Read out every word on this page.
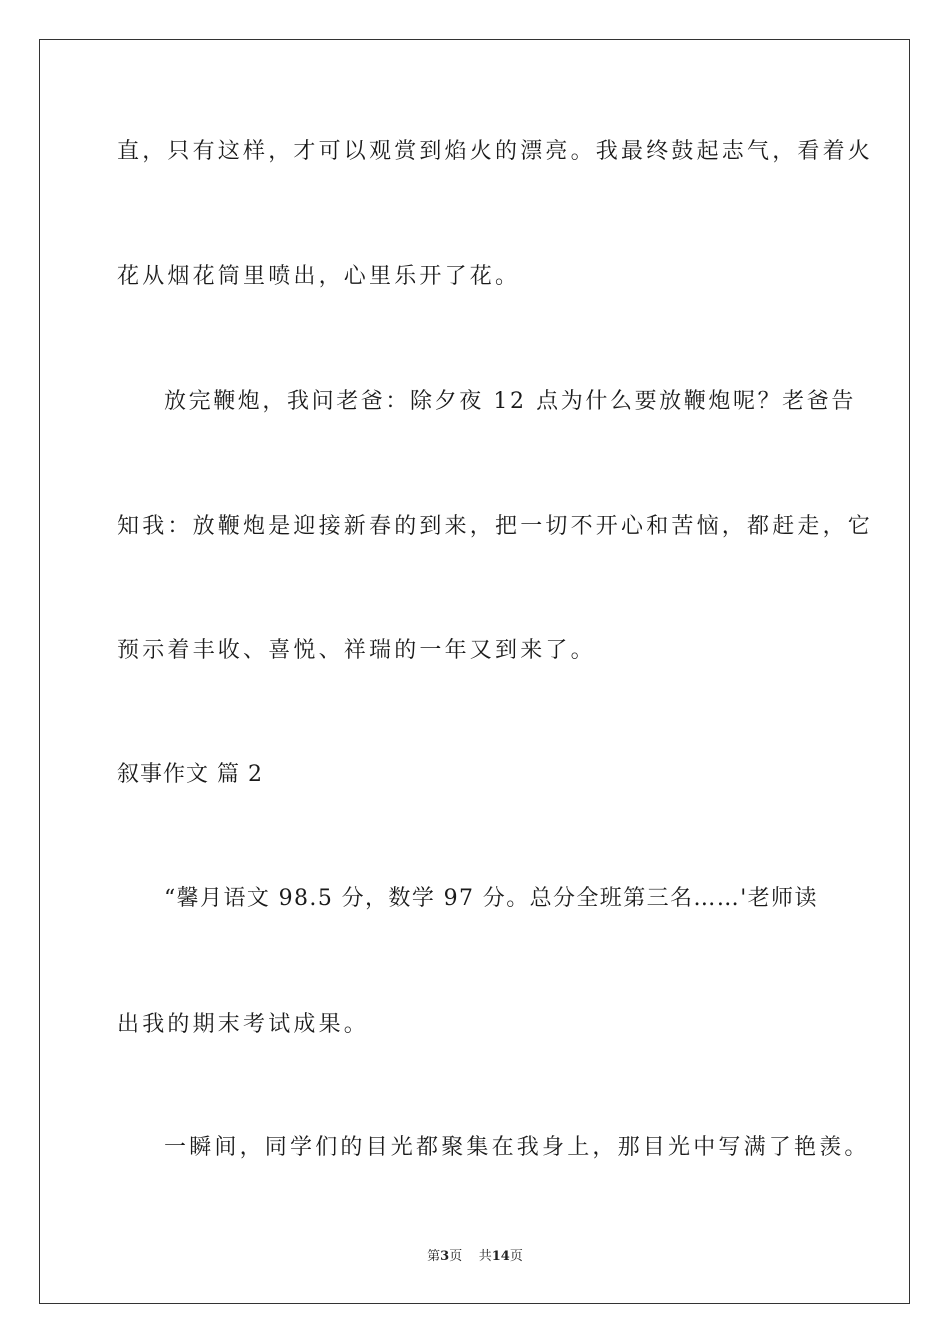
直，只有这样，才可以观赏到焰火的漂亮。我最终鼓起志气，看着火
花从烟花筒里喷出，心里乐开了花。
放完鞭炮，我问老爸：除夕夜 12 点为什么要放鞭炮呢？老爸告
知我：放鞭炮是迎接新春的到来，把一切不开心和苦恼，都赶走，它
预示着丰收、喜悦、祥瑞的一年又到来了。
叙事作文 篇 2
“馨月语文 98.5 分，数学 97 分。总分全班第三名……'老师读
出我的期末考试成果。
一瞬间，同学们的目光都聚集在我身上，那目光中写满了艳羡。
第3页 共14页
